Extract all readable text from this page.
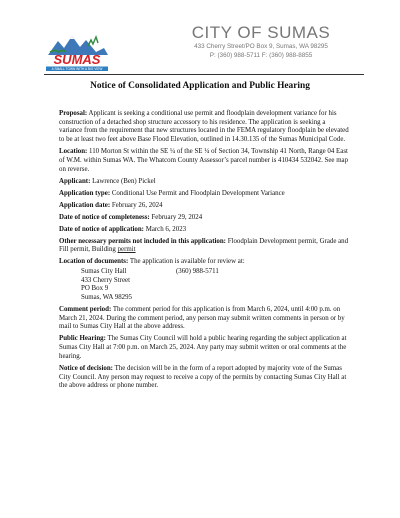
SUMAS
A SMALL TOWN WITH A BIG VIEW
CITY OF SUMAS
433 Cherry Street/PO Box 9, Sumas, WA 98295
P: (360) 988-5711 F: (360) 988-8855
Notice of Consolidated Application and Public Hearing

Proposal: Applicant is seeking a conditional use permit and floodplain development variance for his construction of a detached shop structure accessory to his residence. The application is seeking a variance from the requirement that new structures located in the FEMA regulatory floodplain be elevated to be at least two feet above Base Flood Elevation, outlined in 14.30.135 of the Sumas Municipal Code.

Location: 110 Morton St within the SE ¼ of the SE ¼ of Section 34, Township 41 North, Range 04 East of W.M. within Sumas WA. The Whatcom County Assessor’s parcel number is 410434 532042. See map on reverse.

Applicant: Lawrence (Ben) Pickel

Application type: Conditional Use Permit and Floodplain Development Variance

Application date: February 26, 2024

Date of notice of completeness: February 29, 2024

Date of notice of application: March 6, 2023

Other necessary permits not included in this application: Floodplain Development permit, Grade and Fill permit, Building permit

Location of documents: The application is available for review at:

Sumas City Hall	(360) 988-5711
433 Cherry Street
PO Box 9
Sumas, WA 98295

Comment period: The comment period for this application is from March 6, 2024, until 4:00 p.m. on March 21, 2024. During the comment period, any person may submit written comments in person or by mail to Sumas City Hall at the above address.

Public Hearing: The Sumas City Council will hold a public hearing regarding the subject application at Sumas City Hall at 7:00 p.m. on March 25, 2024. Any party may submit written or oral comments at the hearing.

Notice of decision: The decision will be in the form of a report adopted by majority vote of the Sumas City Council. Any person may request to receive a copy of the permits by contacting Sumas City Hall at the above address or phone number.
